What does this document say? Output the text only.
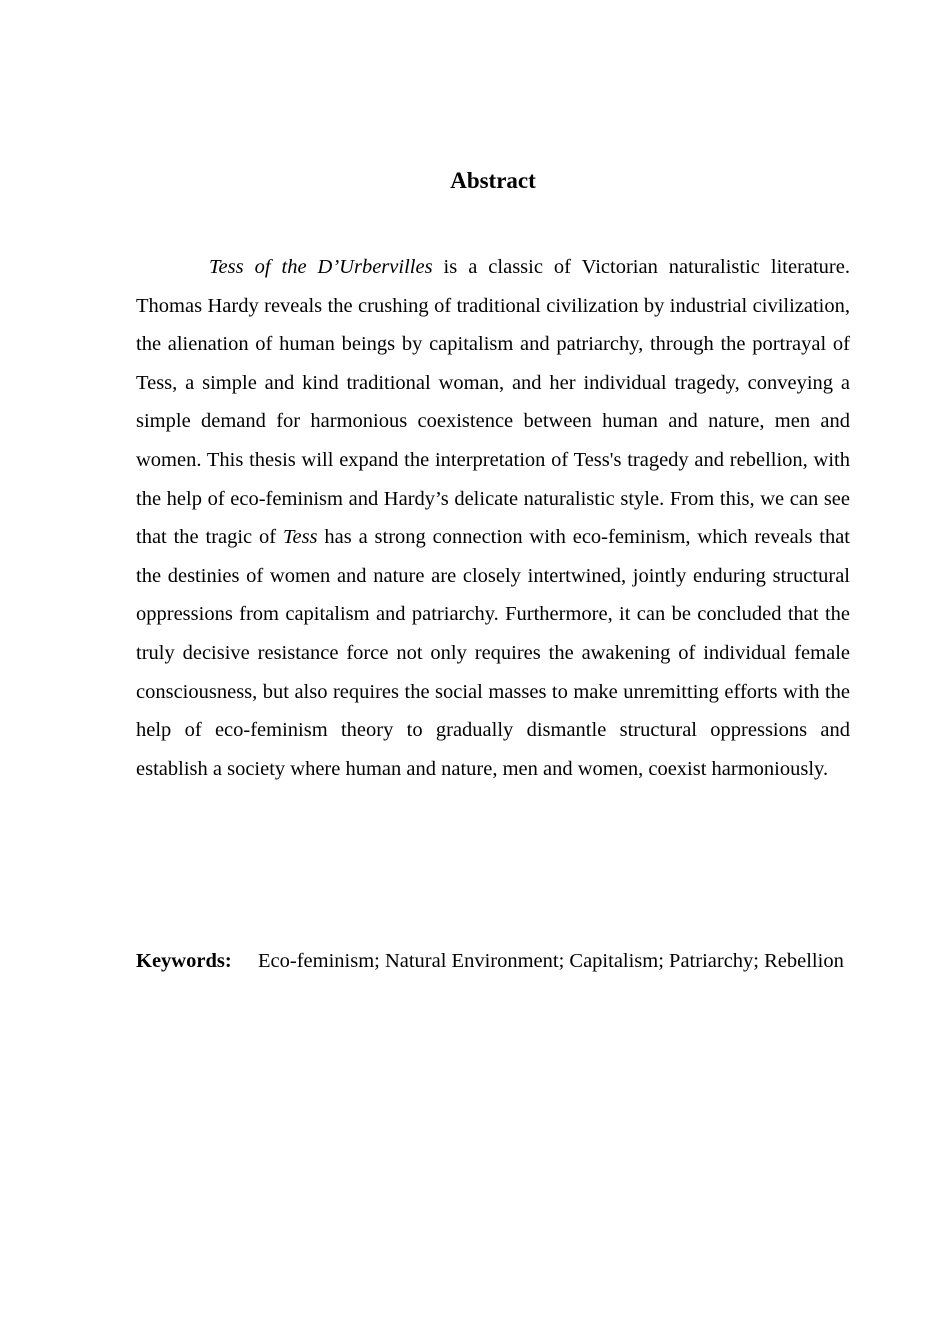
Abstract

Tess of the D’Urbervilles is a classic of Victorian naturalistic literature. Thomas Hardy reveals the crushing of traditional civilization by industrial civilization, the alienation of human beings by capitalism and patriarchy, through the portrayal of Tess, a simple and kind traditional woman, and her individual tragedy, conveying a simple demand for harmonious coexistence between human and nature, men and women. This thesis will expand the interpretation of Tess's tragedy and rebellion, with the help of eco-feminism and Hardy’s delicate naturalistic style. From this, we can see that the tragic of Tess has a strong connection with eco-feminism, which reveals that the destinies of women and nature are closely intertwined, jointly enduring structural oppressions from capitalism and patriarchy. Furthermore, it can be concluded that the truly decisive resistance force not only requires the awakening of individual female consciousness, but also requires the social masses to make unremitting efforts with the help of eco-feminism theory to gradually dismantle structural oppressions and establish a society where human and nature, men and women, coexist harmoniously.

Keywords: Eco-feminism; Natural Environment; Capitalism; Patriarchy; Rebellion
